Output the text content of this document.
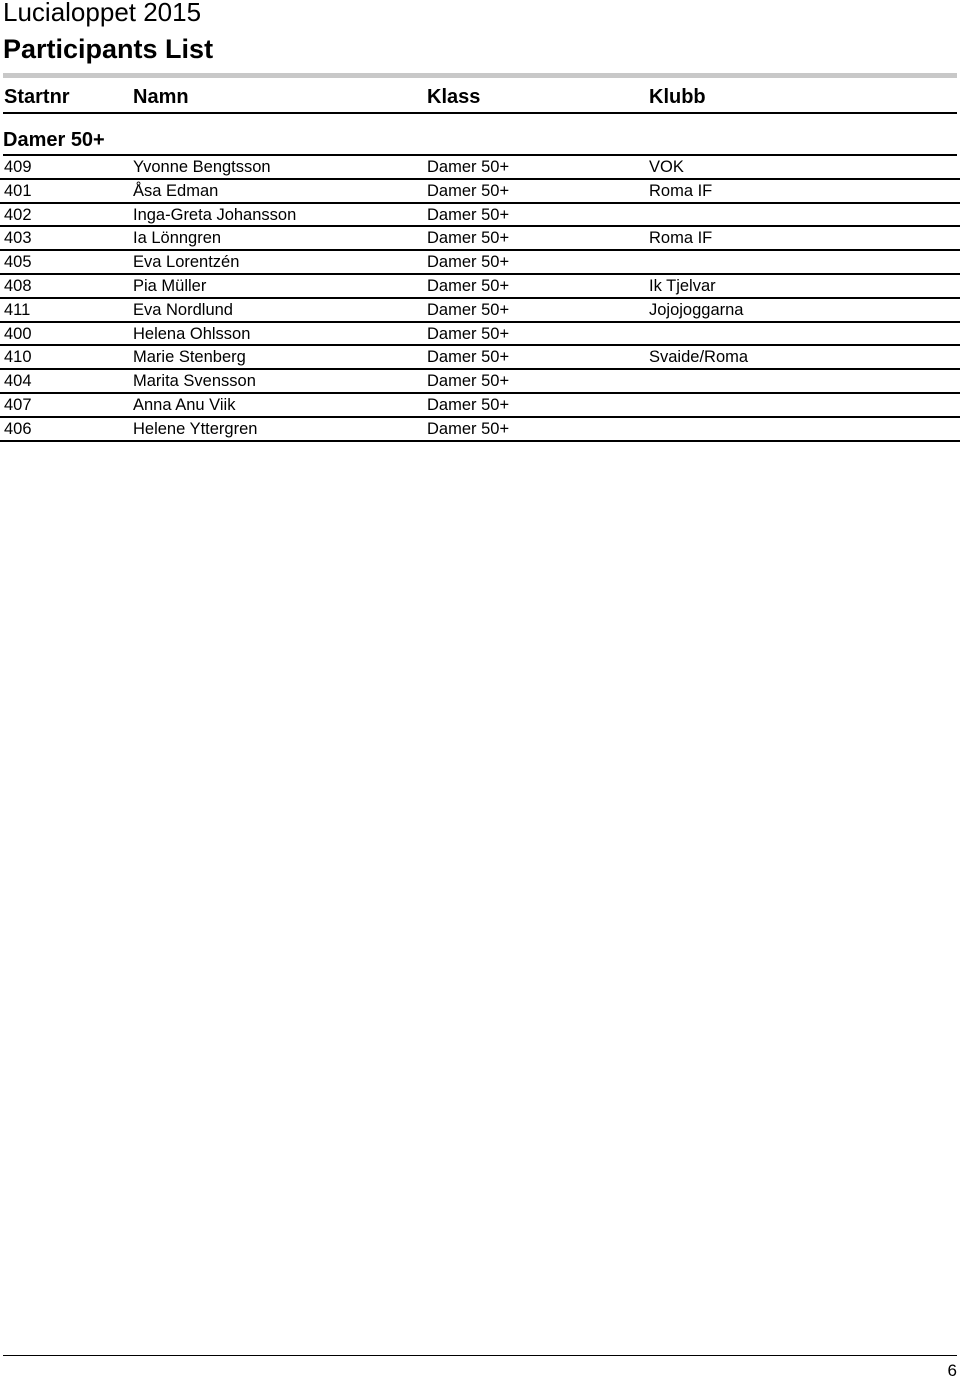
Lucialoppet 2015
Participants List
Startnr	Namn	Klass	Klubb
Damer 50+
409	Yvonne Bengtsson	Damer 50+	VOK
401	Åsa Edman	Damer 50+	Roma IF
402	Inga-Greta Johansson	Damer 50+
403	Ia Lönngren	Damer 50+	Roma IF
405	Eva Lorentzén	Damer 50+
408	Pia Müller	Damer 50+	Ik Tjelvar
411	Eva Nordlund	Damer 50+	Jojojoggarna
400	Helena Ohlsson	Damer 50+
410	Marie Stenberg	Damer 50+	Svaide/Roma
404	Marita Svensson	Damer 50+
407	Anna Anu Viik	Damer 50+
406	Helene Yttergren	Damer 50+
6
